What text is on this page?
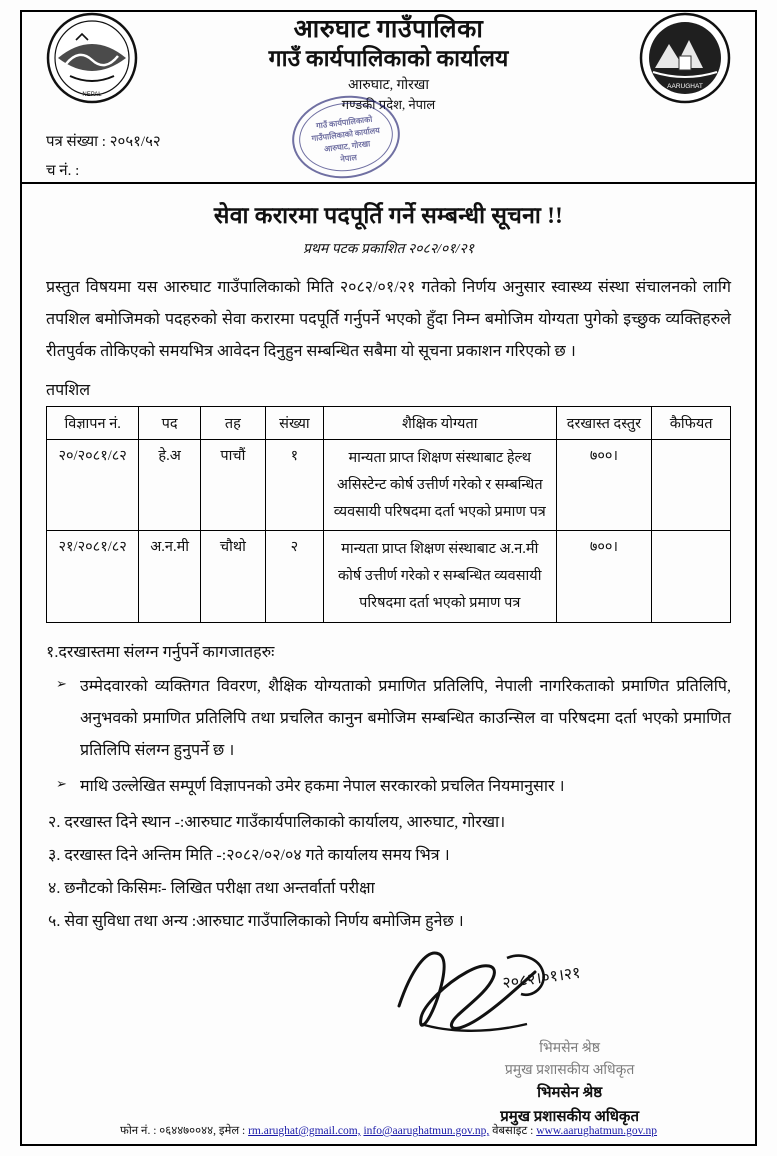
NEPAL
AARUGHAT
आरुघाट गाउँपालिका
गाउँ कार्यपालिकाको कार्यालय
आरुघाट, गोरखा
गण्डकी प्रदेश, नेपाल
गाउँ कार्यपालिकाको
गाउँपालिकाको कार्यालय
आरुघाट, गोरखा
नेपाल
पत्र संख्या : २०५१/५२
च नं. :
सेवा करारमा पदपूर्ति गर्ने सम्बन्धी सूचना !!
प्रथम पटक प्रकाशित २०८२/०१/२१
प्रस्तुत विषयमा यस आरुघाट गाउँपालिकाको मिति २०८२/०१/२१ गतेको निर्णय अनुसार स्वास्थ्य संस्था संचालनको लागि तपशिल बमोजिमको पदहरुको सेवा करारमा पदपूर्ति गर्नुपर्ने भएको हुँदा निम्न बमोजिम योग्यता पुगेको इच्छुक व्यक्तिहरुले रीतपुर्वक तोकिएको समयभित्र आवेदन दिनुहुन सम्बन्धित सबैमा यो सूचना प्रकाशन गरिएको छ ।
तपशिल
विज्ञापन नं.	पद	तह	संख्या	शैक्षिक योग्यता	दरखास्त दस्तुर	कैफियत
२०/२०८१/८२	हे.अ	पाचौं	१	मान्यता प्राप्त शिक्षण संस्थाबाट हेल्थ असिस्टेन्ट कोर्ष उत्तीर्ण गरेको र सम्बन्धित व्यवसायी परिषदमा दर्ता भएको प्रमाण पत्र	७००।	
२१/२०८१/८२	अ.न.मी	चौथो	२	मान्यता प्राप्त शिक्षण संस्थाबाट अ.न.मी कोर्ष उत्तीर्ण गरेको र सम्बन्धित व्यवसायी परिषदमा दर्ता भएको प्रमाण पत्र	७००।	
१.दरखास्तमा संलग्न गर्नुपर्ने कागजातहरुः
➢ उम्मेदवारको व्यक्तिगत विवरण, शैक्षिक योग्यताको प्रमाणित प्रतिलिपि, नेपाली नागरिकताको प्रमाणित प्रतिलिपि, अनुभवको प्रमाणित प्रतिलिपि तथा प्रचलित कानुन बमोजिम सम्बन्धित काउन्सिल वा परिषदमा दर्ता भएको प्रमाणित प्रतिलिपि संलग्न हुनुपर्ने छ ।
➢ माथि उल्लेखित सम्पूर्ण विज्ञापनको उमेर हकमा नेपाल सरकारको प्रचलित नियमानुसार ।
२. दरखास्त दिने स्थान -:आरुघाट गाउँकार्यपालिकाको कार्यालय, आरुघाट, गोरखा।
३. दरखास्त दिने अन्तिम मिति -:२०८२/०२/०४ गते कार्यालय समय भित्र ।
४. छनौटको किसिमः- लिखित परीक्षा तथा अन्तर्वार्ता परीक्षा
५. सेवा सुविधा तथा अन्य :आरुघाट गाउँपालिकाको निर्णय बमोजिम हुनेछ ।
२०८२।०१।२१
भिमसेन श्रेष्ठ
प्रमुख प्रशासकीय अधिकृत
भिमसेन श्रेष्ठ
प्रमुख प्रशासकीय अधिकृत
फोन नं. : ०६४४७००४४, इमेल : rm.arughat@gmail.com, info@aarughatmun.gov.np, वेबसाइट : www.aarughatmun.gov.np
